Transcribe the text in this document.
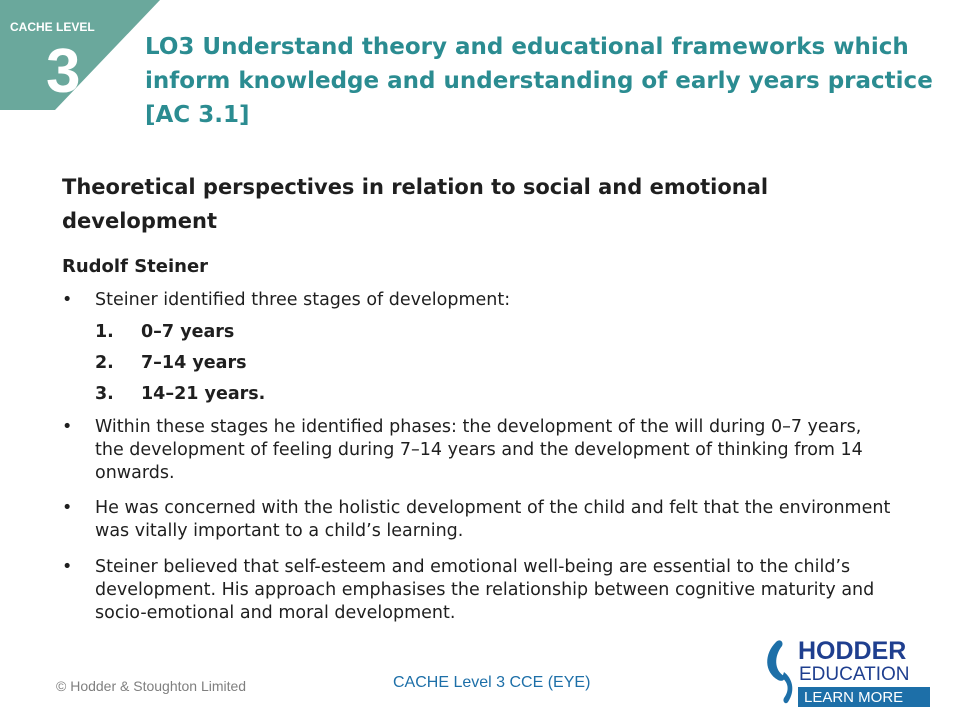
CACHE LEVEL
3	LO3 Understand theory and educational frameworks which inform knowledge and understanding of early years practice [AC 3.1]
Theoretical perspectives in relation to social and emotional development
Rudolf Steiner
•	Steiner identified three stages of development:
1. 0–7 years
2. 7–14 years
3. 14–21 years.
•	Within these stages he identified phases: the development of the will during 0–7 years, the development of feeling during 7–14 years and the development of thinking from 14 onwards.
•	He was concerned with the holistic development of the child and felt that the environment was vitally important to a child’s learning.
•	Steiner believed that self-esteem and emotional well-being are essential to the child’s development. His approach emphasises the relationship between cognitive maturity and socio-emotional and moral development.
© Hodder & Stoughton Limited	CACHE Level 3 CCE (EYE)
HODDER
EDUCATION
LEARN MORE
